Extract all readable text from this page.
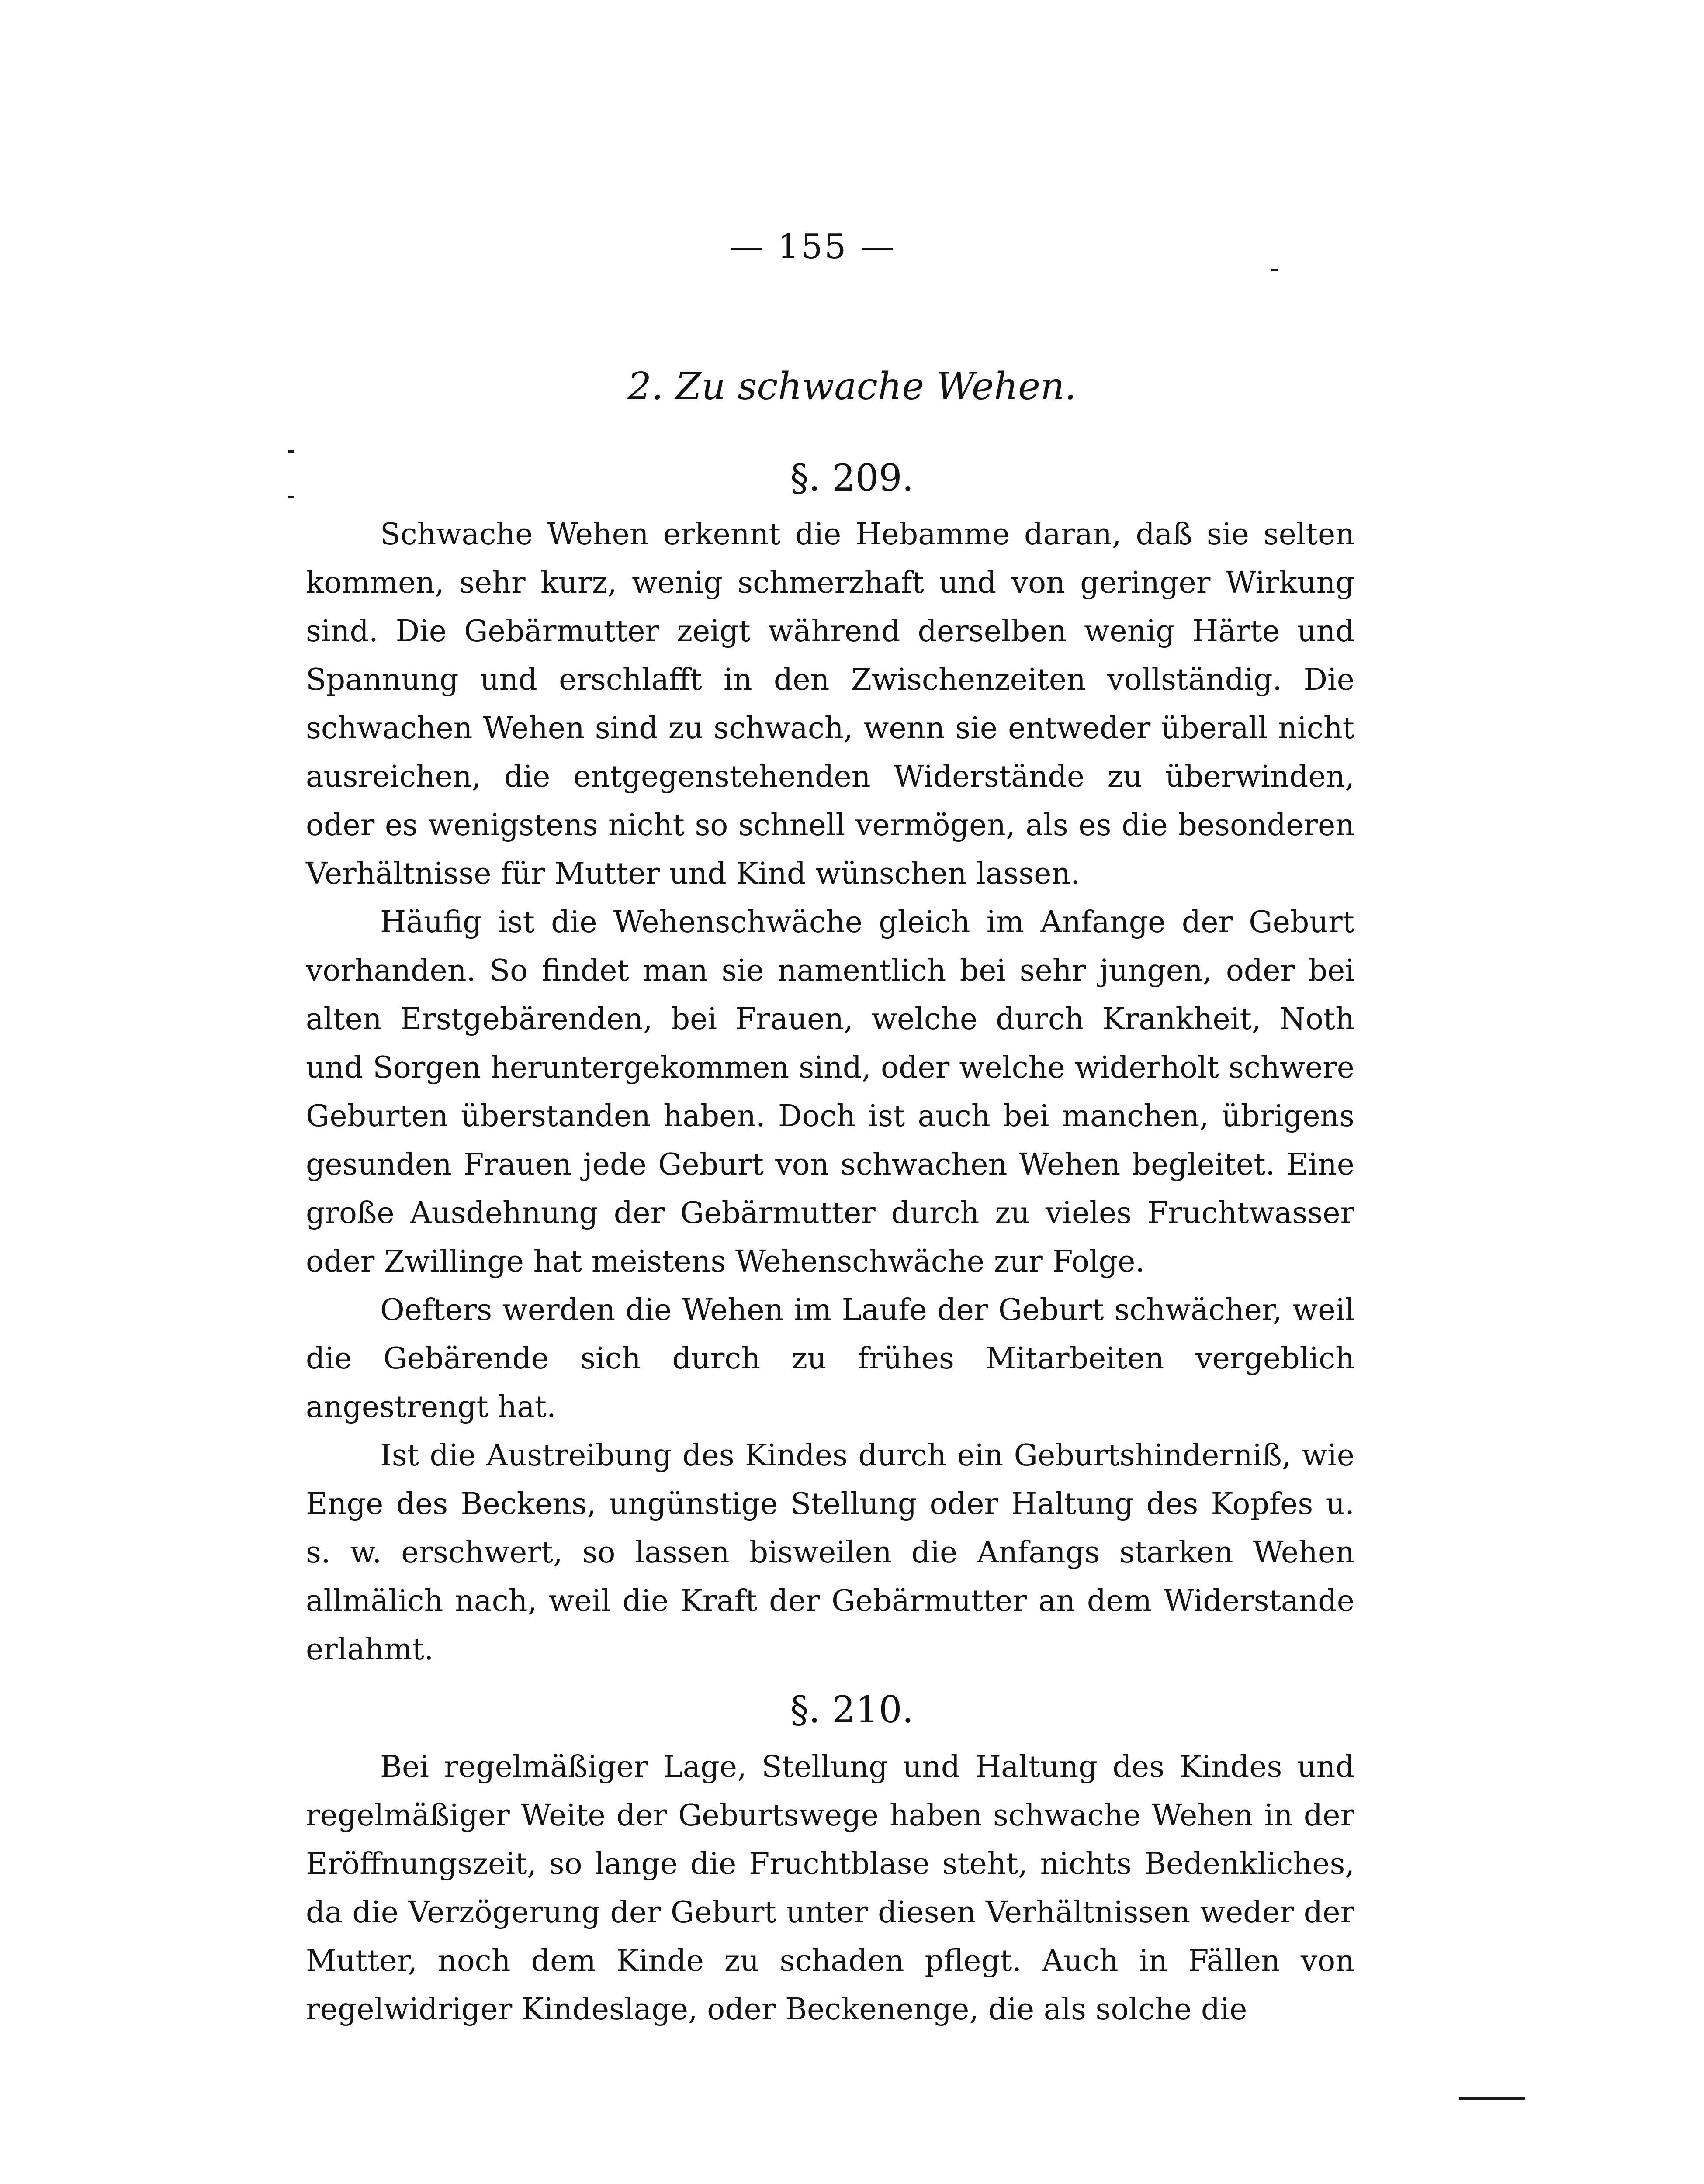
— 155 —
2. Zu schwache Wehen.
§. 209.

Schwache Wehen erkennt die Hebamme daran, daß sie selten kommen, sehr kurz, wenig schmerzhaft und von geringer Wirkung sind. Die Gebärmutter zeigt während derselben wenig Härte und Spannung und erschlafft in den Zwischenzeiten vollständig. Die schwachen Wehen sind zu schwach, wenn sie entweder überall nicht ausreichen, die entgegenstehenden Widerstände zu überwinden, oder es wenigstens nicht so schnell vermögen, als es die besonderen Verhältnisse für Mutter und Kind wünschen lassen.

Häufig ist die Wehenschwäche gleich im Anfange der Geburt vorhanden. So findet man sie namentlich bei sehr jungen, oder bei alten Erstgebärenden, bei Frauen, welche durch Krankheit, Noth und Sorgen heruntergekommen sind, oder welche widerholt schwere Geburten überstanden haben. Doch ist auch bei manchen, übrigens gesunden Frauen jede Geburt von schwachen Wehen begleitet. Eine große Ausdehnung der Gebärmutter durch zu vieles Fruchtwasser oder Zwillinge hat meistens Wehenschwäche zur Folge.

Oefters werden die Wehen im Laufe der Geburt schwächer, weil die Gebärende sich durch zu frühes Mitarbeiten vergeblich angestrengt hat.

Ist die Austreibung des Kindes durch ein Geburtshinderniß, wie Enge des Beckens, ungünstige Stellung oder Haltung des Kopfes u. s. w. erschwert, so lassen bisweilen die Anfangs starken Wehen allmälich nach, weil die Kraft der Gebärmutter an dem Widerstande erlahmt.

§. 210.

Bei regelmäßiger Lage, Stellung und Haltung des Kindes und regelmäßiger Weite der Geburtswege haben schwache Wehen in der Eröffnungszeit, so lange die Fruchtblase steht, nichts Bedenkliches, da die Verzögerung der Geburt unter diesen Verhältnissen weder der Mutter, noch dem Kinde zu schaden pflegt. Auch in Fällen von regelwidriger Kindeslage, oder Beckenenge, die als solche die
